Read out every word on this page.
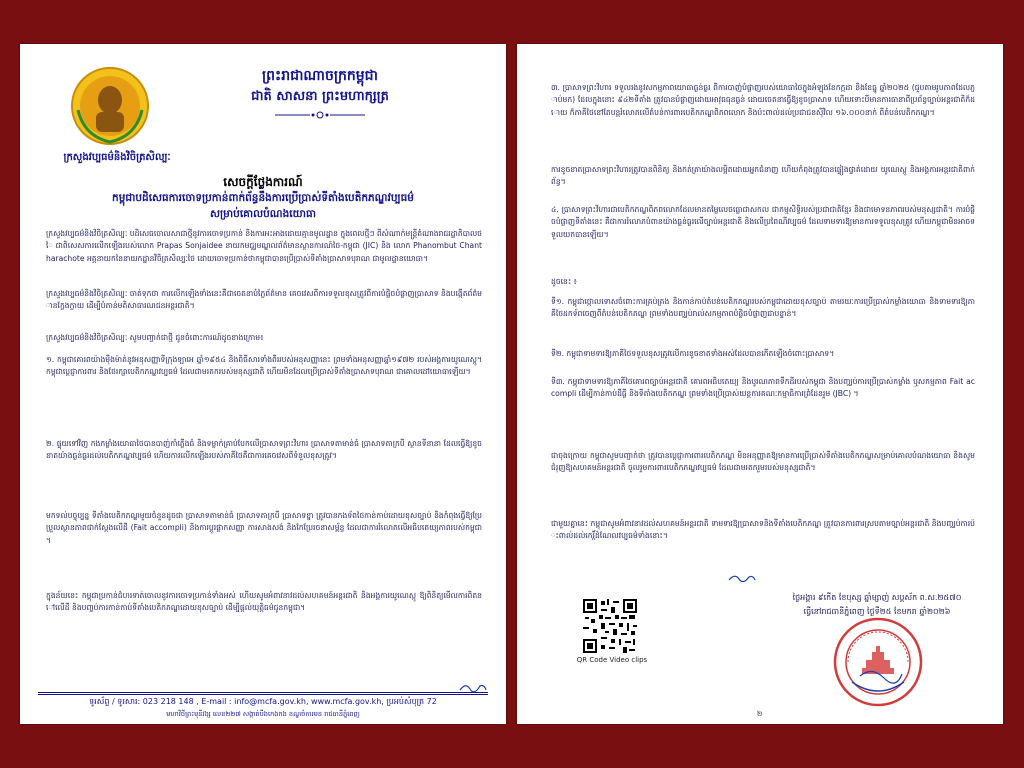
ក្រសួងវប្បធម៌និងវិចិត្រសិល្បៈ
ព្រះរាជាណាចក្រកម្ពុជា
ជាតិ សាសនា ព្រះមហាក្សត្រ
សេចក្តីថ្លែងការណ៍
កម្ពុជាបដិសេធការចោទប្រកាន់ពាក់ព័ន្ធនឹងការប្រើប្រាស់ទីតាំងបេតិកភណ្ឌវប្បធម៌
សម្រាប់គោលបំណងយោធា
ក្រសួងវប្បធម៌និងវិចិត្រសិល្បៈ បដិសេធចោលសាជាថ្មីនូវការចោទប្រកាន់ និងការអះអាងដោយគ្មានមូលដ្ឋាន ក្នុងពេលថ្មីៗ ពីសំណាក់មន្ត្រីតំណាងរាជរដ្ឋាភិបាលថៃ ជាពិសេសការលើកឡើងរបស់លោក Prapas Sonjaidee នាយកមជ្ឈមណ្ឌលព័ត៌មានស្ថានការណ៍ថៃ-កម្ពុជា (JIC) និង លោក Phanombut Chantharachote អគ្គនាយកនៃនាយកដ្ឋានវិចិត្រសិល្បៈថៃ ដោយចោទប្រកាន់ថាកម្ពុជាបានប្រើប្រាស់ទីតាំងប្រាសាទបុរាណ ជាមូលដ្ឋានយោធា។
ក្រសួងវប្បធម៌និងវិចិត្រសិល្បៈ ចាត់ទុកថា ការលើកឡើងទាំងនេះគឺជាចេតនាបំភ្លៃព័ត៌មាន គេចវេសពីការទទួលខុសត្រូវពីការបំផ្លិចបំផ្លាញប្រាសាទ និងបង្កើតព័ត៌មានក្លែងក្លាយ ដើម្បីបំភាន់មតិសាធារណជនអន្តរជាតិ។
ក្រសួងវប្បធម៌និងវិចិត្រសិល្បៈ សូមបញ្ជាក់ជាថ្មី ជូនចំពោះការណ៍ដូចខាងក្រោម៖
១. កម្ពុជាគោរពយ៉ាងម៉ឺងម៉ាត់នូវអនុសញ្ញាទីក្រុងឡាអេ ឆ្នាំ១៩៥៤ និងពិធីសារទាំងពីររបស់អនុសញ្ញានេះ ព្រមទាំងអនុសញ្ញាឆ្នាំ១៩៧២ របស់អង្គការយូណេស្កូ។ កម្ពុជាប្ដេជ្ញាការពារ និងថែរក្សាបេតិកភណ្ឌវប្បធម៌ ដែលជាមរតករបស់មនុស្សជាតិ ហើយមិនដែលប្រើប្រាស់ទីតាំងប្រាសាទបុរាណ ជាគោលដៅយោធាឡើយ។
២. ផ្ទុយទៅវិញ កងកម្លាំងយោធាថៃបានបាញ់កាំភ្លើងធំ និងទម្លាក់គ្រាប់បែកលើប្រាសាទព្រះវិហារ ប្រាសាទតាមាន់ធំ ប្រាសាទតាក្របី ស្ថានទីនានា ដែលធ្វើឱ្យខូចខាតយ៉ាងធ្ងន់ធ្ងរដល់បេតិកភណ្ឌវប្បធម៌ ហើយការលើកឡើងរបស់ភាគីថៃគឺជាការគេចវេសពីទំនួលខុសត្រូវ។
មកទល់បច្ចុប្បន្ន ទីតាំងបេតិកភណ្ឌមួយចំនួនដូចជា ប្រាសាទតាមាន់ធំ ប្រាសាទតាក្របី ប្រាសាទខ្នា ត្រូវបានកងទ័ពថៃកាន់កាប់ដោយខុសច្បាប់ និងកំពុងធ្វើឱ្យប្រែប្រួលស្ថានភាពជាក់ស្ដែងលើដី (Fait accompli) និងការប្ដូរផ្លាកសញ្ញា ការសាងសង់ និងកែប្រែរចនាសម្ព័ន្ធ ដែលជាការរំលោភលើអធិបតេយ្យភាពរបស់កម្ពុជា។
ក្នុងន័យនេះ កម្ពុជាប្រកាន់ជំហរទាត់ចោលនូវការចោទប្រកាន់ទាំងអស់ ហើយសូមអំពាវនាវដល់សហគមន៍អន្តរជាតិ និងអង្គការយូណេស្កូ ឱ្យពិនិត្យមើលការពិតនៅលើដី និងបញ្ចប់ការកាន់កាប់ទីតាំងបេតិកភណ្ឌដោយខុសច្បាប់ ដើម្បីផ្ដល់យុត្តិធម៌ជូនកម្ពុជា។
ទូរស័ព្ទ / ទូរសារ: 023 218 148 , E-mail : info@mcfa.gov.kh, www.mcfa.gov.kh, ប្រអប់សំបុត្រ 72
មហាវិថីព្រះមុនីវង្ស លេខ២២៧ សង្កាត់បឹងកេងកង ខណ្ឌចំការមន រាជធានីភ្នំពេញ
៣. ប្រាសាទព្រះវិហារ ទទួលរងនូវសកម្មភាពយោធាធ្ងន់ធ្ងរ ពីការបាញ់បំផ្លាញរបស់យោធាថៃក្នុងអំឡុងខែកក្កដា និងខែធ្នូ ឆ្នាំ២០២៥ (ជួបតាមរូបភាពដែលភ្ជាប់មក) ដែលក្នុងនោះ ៩៤២ទីតាំង ត្រូវបានបំផ្លាញដោយអាវុធធុនធ្ងន់ ដោយចេតនាធ្វើឱ្យខូចប្រាសាទ ហើយទោះបីមានការធានាពីប្រព័ន្ធច្បាប់អន្តរជាតិក៏ដោយ ក៏ភាគីថៃនៅតែបន្តរំលោភលើតំបន់ការពារបេតិកភណ្ឌពិភពលោក និងប៉ះពាល់ដល់ប្រជាជនស៊ីវិល ១៦.០០០នាក់ ពីតំបន់បេតិកភណ្ឌ។
ការខូចខាតប្រាសាទព្រះវិហារត្រូវបានពិនិត្យ និងកត់ត្រាយ៉ាងលម្អិតដោយអ្នកជំនាញ ហើយកំពុងត្រូវបានផ្ទៀងផ្ទាត់ដោយ យូណេស្កូ និងអង្គការអន្តរជាតិពាក់ព័ន្ធ។
៤. ប្រាសាទព្រះវិហារជាបេតិកភណ្ឌពិភពលោកដែលមានតម្លៃលេចធ្លោជាសកល ជាកម្មសិទ្ធិរបស់ប្រជាជាតិខ្មែរ និងជាមោទនភាពរបស់មនុស្សជាតិ។ ការបំផ្លិចបំផ្លាញទីតាំងនេះ គឺជាការរំលោភបំពានយ៉ាងធ្ងន់ធ្ងរលើច្បាប់អន្តរជាតិ និងលើប្រពៃណីវប្បធម៌ ដែលទាមទារឱ្យមានការទទួលខុសត្រូវ ហើយកម្ពុជាមិនអាចទទួលយកបានឡើយ។
ដូចនេះ ៖
ទី១. កម្ពុជាថ្កោលទោសចំពោះការគ្រប់គ្រង និងកាន់កាប់តំបន់បេតិកភណ្ឌរបស់កម្ពុជាដោយខុសច្បាប់ តាមរយៈការប្រើប្រាស់កម្លាំងយោធា និងទាមទារឱ្យភាគីថៃដកទ័ពចេញពីតំបន់បេតិកភណ្ឌ ព្រមទាំងបញ្ឈប់រាល់សកម្មភាពបំផ្លិចបំផ្លាញជាបន្ទាន់។
ទី២. កម្ពុជាទាមទារឱ្យភាគីថៃទទួលខុសត្រូវលើការខូចខាតទាំងអស់ដែលបានកើតឡើងចំពោះប្រាសាទ។
ទី៣. កម្ពុជាទាមទារឱ្យភាគីថៃគោរពច្បាប់អន្តរជាតិ គោរពអធិបតេយ្យ និងបូរណភាពទឹកដីរបស់កម្ពុជា និងបញ្ឈប់ការប្រើប្រាស់កម្លាំង ឬសកម្មភាព Fait accompli ដើម្បីកាន់កាប់ដីធ្លី និងទីតាំងបេតិកភណ្ឌ ព្រមទាំងប្រើប្រាស់យន្តការគណៈកម្មាធិការព្រំដែនរួម (JBC) ។
ជាចុងក្រោយ កម្ពុជាសូមបញ្ជាក់ថា ត្រូវបានប្ដេជ្ញាការពារបេតិកភណ្ឌ មិនអនុញ្ញាតឱ្យមានការប្រើប្រាស់ទីតាំងបេតិកភណ្ឌសម្រាប់គោលបំណងយោធា និងសូមជំរុញឱ្យសហគមន៍អន្តរជាតិ ចូលរួមការពារបេតិកភណ្ឌវប្បធម៌ ដែលជាមរតករួមរបស់មនុស្សជាតិ។
ជាមួយគ្នានេះ កម្ពុជាសូមអំពាវនាវដល់សហគមន៍អន្តរជាតិ ទាមទារឱ្យប្រាសាទនិងទីតាំងបេតិកភណ្ឌ ត្រូវបានការពារស្របតាមច្បាប់អន្តរជាតិ និងបញ្ឈប់ការប៉ះពាល់ដល់កេរ្តិ៍ដំណែលវប្បធម៌ទាំងនោះ។
QR Code Video clips
ថ្ងៃអង្គារ ៩កើត ខែបុស្ស ឆ្នាំម្សាញ់ សប្តស័ក ព.ស.២៥៧០
ធ្វើនៅរាជធានីភ្នំពេញ ថ្ងៃទី២៥ ខែមករា ឆ្នាំ២០២៦
២
